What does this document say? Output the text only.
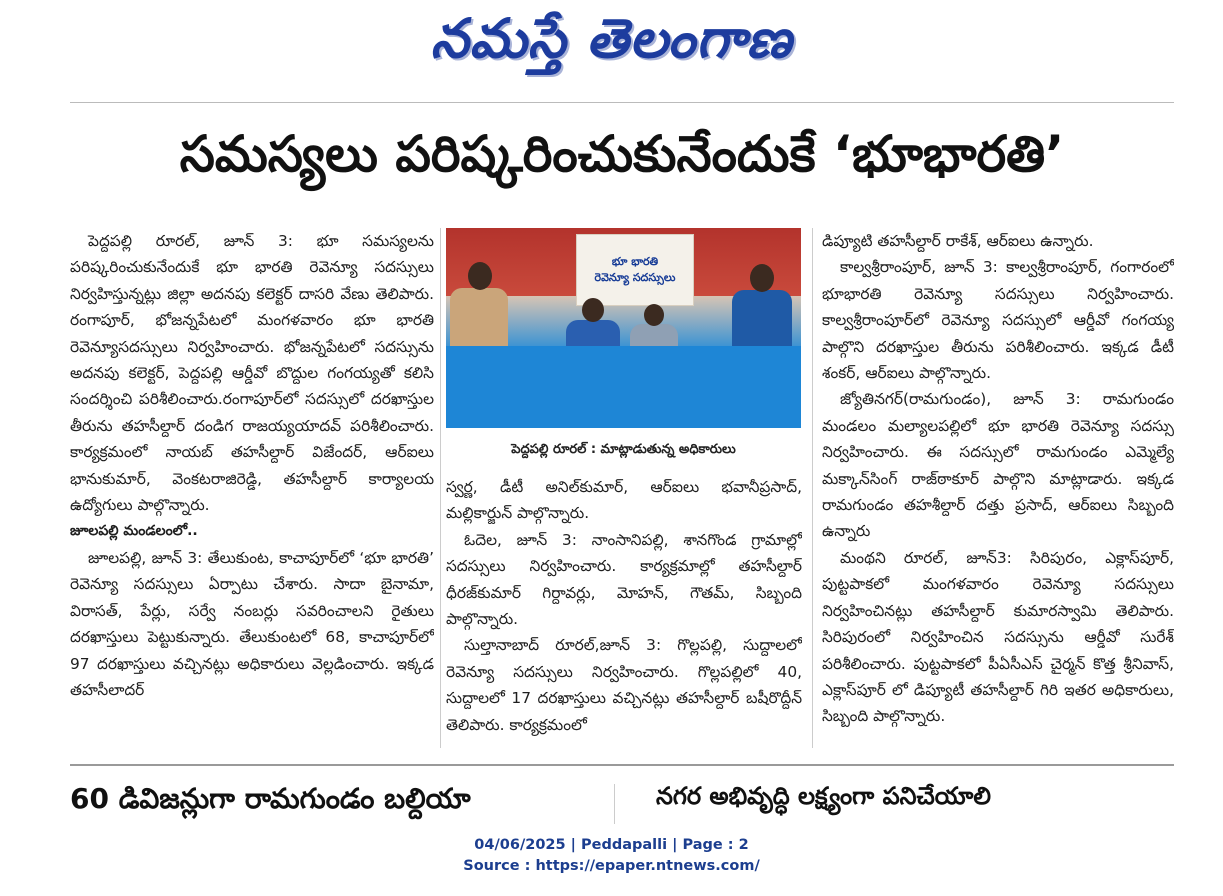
నమస్తే తెలంగాణ
సమస్యలు పరిష్కరించుకునేందుకే ‘భూభారతి’

పెద్దపల్లి రూరల్, జూన్ 3: భూ సమస్యలను పరిష్కరించుకునేందుకే భూ భారతి రెవెన్యూ సదస్సులు నిర్వహిస్తున్నట్లు జిల్లా అదనపు కలెక్టర్ దాసరి వేణు తెలిపారు. రంగాపూర్, భోజన్నపేటలో మంగళవారం భూ భారతి రెవెన్యూసదస్సులు నిర్వహించారు. భోజన్నపేటలో సదస్సును అదనపు కలెక్టర్, పెద్దపల్లి ఆర్డీవో బొద్దుల గంగయ్యతో కలిసి సందర్శించి పరిశీలించారు.రంగాపూర్‌లో సదస్సులో దరఖాస్తుల తీరును తహసీల్దార్ దండిగ రాజయ్యయాదవ్ పరిశీలించారు. కార్యక్రమంలో నాయబ్ తహసీల్దార్ విజేందర్, ఆర్ఐలు భానుకుమార్, వెంకటరాజిరెడ్డి, తహసీల్దార్ కార్యాలయ ఉద్యోగులు పాల్గొన్నారు.

జూలపల్లి మండలంలో..

జూలపల్లి, జూన్ 3: తేలుకుంట, కాచాపూర్‌లో ‘భూ భారతి’ రెవెన్యూ సదస్సులు ఏర్పాటు చేశారు. సాదా బైనామా, విరాసత్, పేర్లు, సర్వే నంబర్లు సవరించాలని రైతులు దరఖాస్తులు పెట్టుకున్నారు. తేలుకుంటలో 68, కాచాపూర్‌లో 97 దరఖాస్తులు వచ్చినట్లు అధికారులు వెల్లడించారు. ఇక్కడ తహసీలాదర్

భూ భారతి
రెవెన్యూ సదస్సులు
పెద్దపల్లి రూరల్ : మాట్లాడుతున్న అధికారులు

స్వర్ణ, డీటీ అనిల్‌కుమార్, ఆర్ఐలు భవానీప్రసాద్, మల్లికార్జున్ పాల్గొన్నారు.

ఓదెల, జూన్ 3: నాంసానిపల్లి, శానగొండ గ్రామాల్లో సదస్సులు నిర్వహించారు. కార్యక్రమాల్లో తహసీల్దార్ ధీరజ్‌కుమార్ గిర్దావర్లు, మోహన్, గౌతమ్, సిబ్బంది పాల్గొన్నారు.

సుల్తానాబాద్ రూరల్,జూన్ 3: గొల్లపల్లి, సుద్దాలలో రెవెన్యూ సదస్సులు నిర్వహించారు. గొల్లపల్లిలో 40, సుద్దాలలో 17 దరఖాస్తులు వచ్చినట్లు తహసీల్దార్ బషీరొద్దీన్ తెలిపారు. కార్యక్రమంలో

డిప్యూటి తహసీల్దార్ రాకేశ్, ఆర్ఐలు ఉన్నారు.

కాల్వశ్రీరాంపూర్, జూన్ 3: కాల్వశ్రీరాంపూర్, గంగారంలో భూభారతి రెవెన్యూ సదస్సులు నిర్వహించారు. కాల్వశ్రీరాంపూర్‌లో రెవెన్యూ సదస్సులో ఆర్డీవో గంగయ్య పాల్గొని దరఖాస్తుల తీరును పరిశీలించారు. ఇక్కడ డీటీ శంకర్, ఆర్ఐలు పాల్గొన్నారు.

జ్యోతినగర్(రామగుండం), జూన్ 3: రామగుండం మండలం మల్యాలపల్లిలో భూ భారతి రెవెన్యూ సదస్సు నిర్వహించారు. ఈ సదస్సులో రామగుండం ఎమ్మెల్యే మక్కాన్‌సింగ్ రాజ్‌ఠాకూర్ పాల్గొని మాట్లాడారు. ఇక్కడ రామగుండం తహశీల్దార్ దత్తు ప్రసాద్, ఆర్ఐలు సిబ్బంది ఉన్నారు

మంథని రూరల్, జూన్3: సిరిపురం, ఎక్లాస్‌పూర్, పుట్టపాకలో మంగళవారం రెవెన్యూ సదస్సులు నిర్వహించినట్లు తహసీల్దార్ కుమారస్వామి తెలిపారు. సిరిపురంలో నిర్వహించిన సదస్సును ఆర్డీవో సురేశ్ పరిశీలించారు. పుట్టపాకలో పీఏసీఎస్ చైర్మన్ కొత్త శ్రీనివాస్, ఎక్లాస్‌పూర్ లో డిప్యూటీ తహసీల్దార్ గిరి ఇతర అధికారులు, సిబ్బంది పాల్గొన్నారు.

60 డివిజన్లుగా రామగుండం బల్దియా	నగర అభివృద్ధి లక్ష్యంగా పనిచేయాలి
04/06/2025 | Peddapalli | Page : 2
Source : https://epaper.ntnews.com/
